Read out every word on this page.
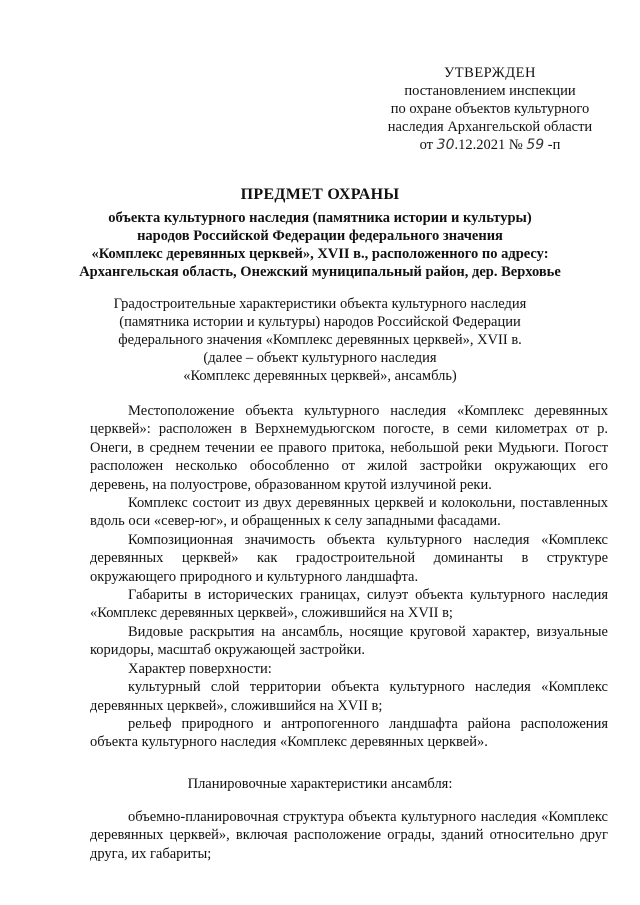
УТВЕРЖДЕН
постановлением инспекции
по охране объектов культурного
наследия Архангельской области
от 30.12.2021 № 59 -п
ПРЕДМЕТ ОХРАНЫ
объекта культурного наследия (памятника истории и культуры)
народов Российской Федерации федерального значения
«Комплекс деревянных церквей», XVII в., расположенного по адресу:
Архангельская область, Онежский муниципальный район, дер. Верховье
Градостроительные характеристики объекта культурного наследия
(памятника истории и культуры) народов Российской Федерации
федерального значения «Комплекс деревянных церквей», XVII в.
(далее – объект культурного наследия
«Комплекс деревянных церквей», ансамбль)

Местоположение объекта культурного наследия «Комплекс деревянных церквей»: расположен в Верхнемудьюгском погосте, в семи километрах от р. Онеги, в среднем течении ее правого притока, небольшой реки Мудьюги. Погост расположен несколько обособленно от жилой застройки окружающих его деревень, на полуострове, образованном крутой излучиной реки.

Комплекс состоит из двух деревянных церквей и колокольни, поставленных вдоль оси «север-юг», и обращенных к селу западными фасадами.

Композиционная значимость объекта культурного наследия «Комплекс деревянных церквей» как градостроительной доминанты в структуре окружающего природного и культурного ландшафта.

Габариты в исторических границах, силуэт объекта культурного наследия «Комплекс деревянных церквей», сложившийся на XVII в;

Видовые раскрытия на ансамбль, носящие круговой характер, визуальные коридоры, масштаб окружающей застройки.

Характер поверхности:

культурный слой территории объекта культурного наследия «Комплекс деревянных церквей», сложившийся на XVII в;

рельеф природного и антропогенного ландшафта района расположения объекта культурного наследия «Комплекс деревянных церквей».

Планировочные характеристики ансамбля:

объемно-планировочная структура объекта культурного наследия «Комплекс деревянных церквей», включая расположение ограды, зданий относительно друг друга, их габариты;
